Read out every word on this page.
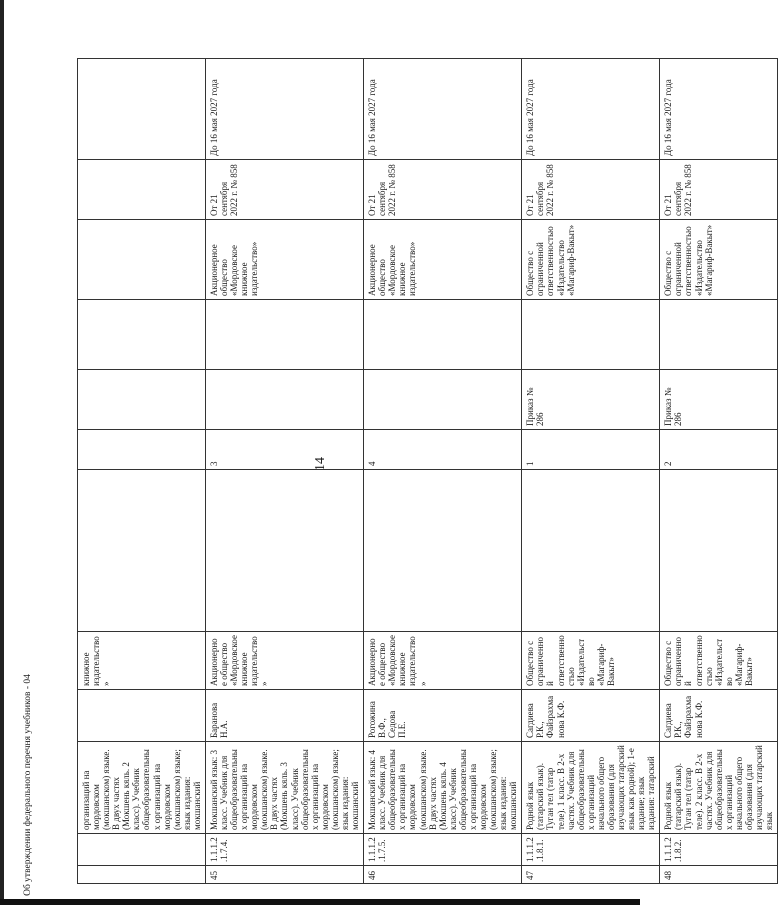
14
		организаций на мордовском (мокшанском) языке. В двух частях (Мокшень кяль. 2 класс). Учебник общеобразовательных организаций на мордовском (мокшанском) языке; язык издания: мокшанский		книжное издательство»							
45	1.1.1.2.1.7.4.	Мокшанский язык: 3 класс. Учебник для общеобразовательных организаций на мордовском (мокшанском) языке. В двух частях (Мокшень кяль. 3 класс). Учебник общеобразовательных организаций на мордовском (мокшанском) языке; язык издания: мокшанский	Баранова Н.А.	Акционерное общество «Мордовское книжное издательство»		3			Акционерное общество «Мордовское книжное издательство»	От 21 сентября 2022 г. № 858	До 16 мая 2027 года
46	1.1.1.2.1.7.5.	Мокшанский язык: 4 класс. Учебник для общеобразовательных организаций на мордовском (мокшанском) языке. В двух частях (Мокшень кяль. 4 класс). Учебник общеобразовательных организаций на мордовском (мокшанском) языке; язык издания: мокшанский	Рогожина В.Ф., Седова П.Е.	Акционерное общество «Мордовское книжное издательство»		4			Акционерное общество «Мордовское книжное издательство»	От 21 сентября 2022 г. № 858	До 16 мая 2027 года
47	1.1.1.2.1.8.1.	Родной язык (татарский язык). Туган тел (татар теле). 1 класс. В 2-х частях. Учебник для общеобразовательных организаций начального общего образования (для изучающих татарский язык как родной); 1-е издание; язык издания: татарский	Сагдиева Р.К., Файзрахманова К.Ф.	Общество с ограниченной ответственностью «Издательство «Магариф-Вакыт»		1	Приказ № 286		Общество с ограниченной ответственностью «Издательство «Магариф-Вакыт»	От 21 сентября 2022 г. № 858	До 16 мая 2027 года
48	1.1.1.2.1.8.2.	Родной язык (татарский язык). Туган тел (татар теле). 2 класс. В 2-х частях. Учебник для общеобразовательных организаций начального общего образования (для изучающих татарский язык	Сагдиева Р.К., Файзрахманова К.Ф.	Общество с ограниченной ответственностью «Издательство «Магариф-Вакыт»		2	Приказ № 286		Общество с ограниченной ответственностью «Издательство «Магариф-Вакыт»	От 21 сентября 2022 г. № 858	До 16 мая 2027 года
Об утверждении федерального перечня учебников - 04
